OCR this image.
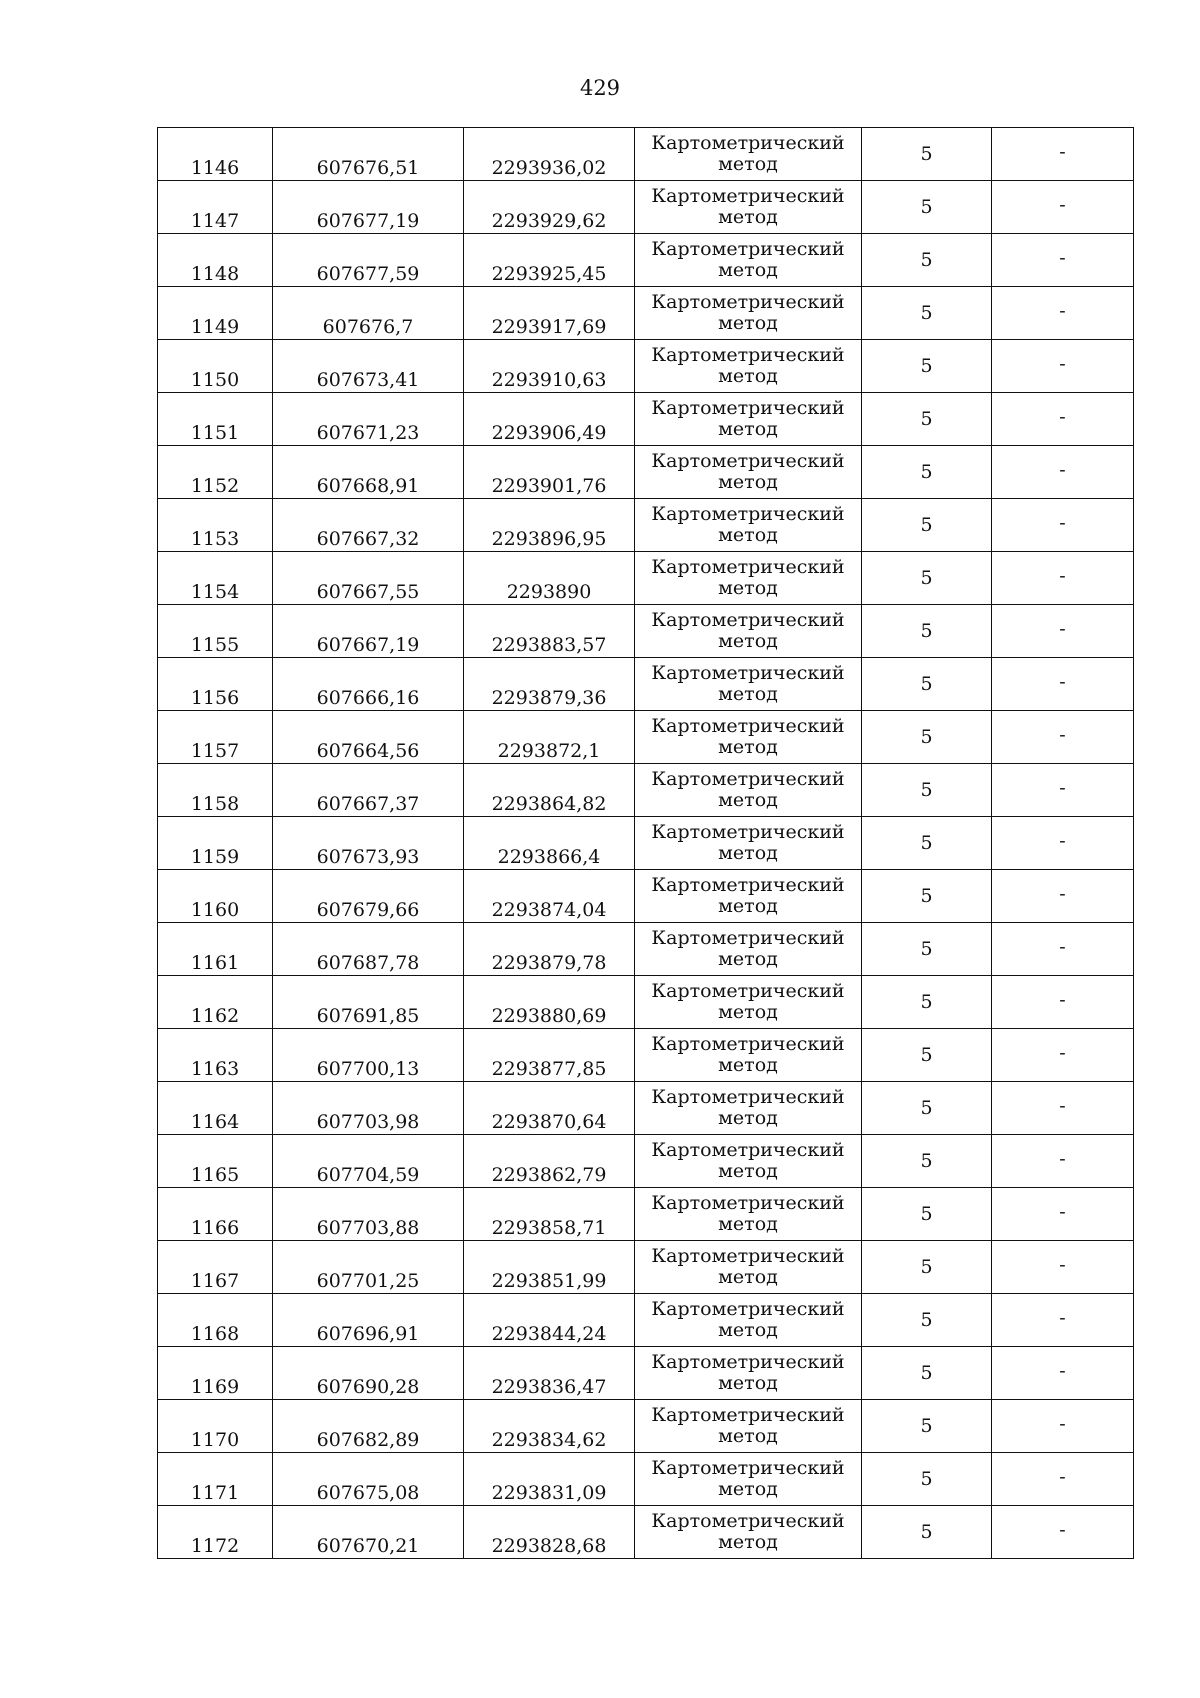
429
1146	607676,51	2293936,02	Картометрический
метод	5	-
1147	607677,19	2293929,62	Картометрический
метод	5	-
1148	607677,59	2293925,45	Картометрический
метод	5	-
1149	607676,7	2293917,69	Картометрический
метод	5	-
1150	607673,41	2293910,63	Картометрический
метод	5	-
1151	607671,23	2293906,49	Картометрический
метод	5	-
1152	607668,91	2293901,76	Картометрический
метод	5	-
1153	607667,32	2293896,95	Картометрический
метод	5	-
1154	607667,55	2293890	Картометрический
метод	5	-
1155	607667,19	2293883,57	Картометрический
метод	5	-
1156	607666,16	2293879,36	Картометрический
метод	5	-
1157	607664,56	2293872,1	Картометрический
метод	5	-
1158	607667,37	2293864,82	Картометрический
метод	5	-
1159	607673,93	2293866,4	Картометрический
метод	5	-
1160	607679,66	2293874,04	Картометрический
метод	5	-
1161	607687,78	2293879,78	Картометрический
метод	5	-
1162	607691,85	2293880,69	Картометрический
метод	5	-
1163	607700,13	2293877,85	Картометрический
метод	5	-
1164	607703,98	2293870,64	Картометрический
метод	5	-
1165	607704,59	2293862,79	Картометрический
метод	5	-
1166	607703,88	2293858,71	Картометрический
метод	5	-
1167	607701,25	2293851,99	Картометрический
метод	5	-
1168	607696,91	2293844,24	Картометрический
метод	5	-
1169	607690,28	2293836,47	Картометрический
метод	5	-
1170	607682,89	2293834,62	Картометрический
метод	5	-
1171	607675,08	2293831,09	Картометрический
метод	5	-
1172	607670,21	2293828,68	Картометрический
метод	5	-
